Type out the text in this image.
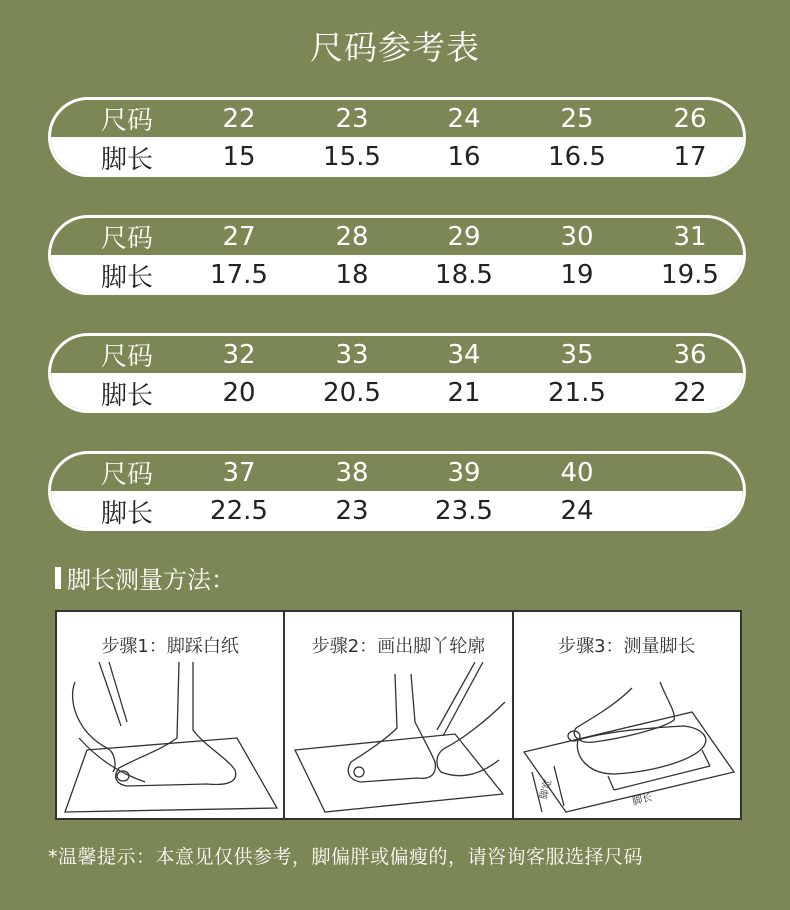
尺码参考表
尺码	22	23	24	25	26
脚长	15	15.5	16	16.5	17
尺码	27	28	29	30	31
脚长	17.5	18	18.5	19	19.5
尺码	32	33	34	35	36
脚长	20	20.5	21	21.5	22
尺码	37	38	39	40
脚长	22.5	23	23.5	24
脚长测量方法：
步骤1：脚踩白纸	步骤2：画出脚丫轮廓	步骤3：测量脚长
脚宽	脚长
*温馨提示：本意见仅供参考，脚偏胖或偏瘦的，请咨询客服选择尺码
